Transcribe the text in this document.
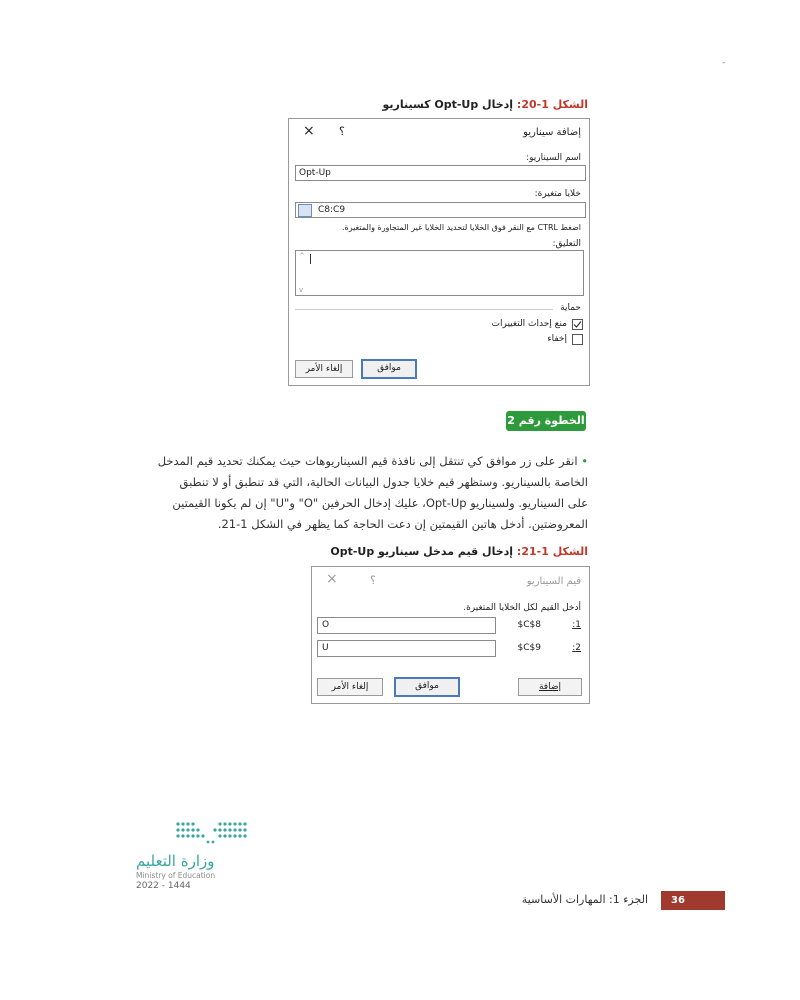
-
الشكل 1-20: إدخال Opt-Up كسيناريو
إضافة سيناريو
؟
×
اسم السيناريو:
Opt-Up
خلايا متغيرة:
C8:C9
اضغط CTRL مع النقر فوق الخلايا لتحديد الخلايا غير المتجاورة والمتغيرة.
التعليق:
^
v
حماية
منع إحداث التغييرات
إخفاء
موافق
إلغاء الأمر
الخطوة رقم 2

• انقر على زر موافق كي تنتقل إلى نافذة قيم السيناريوهات حيث يمكنك تحديد قيم المدخل

الخاصة بالسيناريو. وستظهر قيم خلايا جدول البيانات الحالية، التي قد تنطبق أو لا تنطبق

على السيناريو. ولسيناريو Opt-Up، عليك إدخال الحرفين "O" و"U" إن لم يكونا القيمتين

المعروضتين. أدخل هاتين القيمتين إن دعت الحاجة كما يظهر في الشكل 1-21.

الشكل 1-21: إدخال قيم مدخل سيناريو Opt-Up
قيم السيناريو
؟
×
أدخل القيم لكل الخلايا المتغيرة.
1:
$C$8
O
2:
$C$9
U
إضافة
موافق
إلغاء الأمر
وزارة التعليم
Ministry of Education
2022 - 1444
36
الجزء 1: المهارات الأساسية
